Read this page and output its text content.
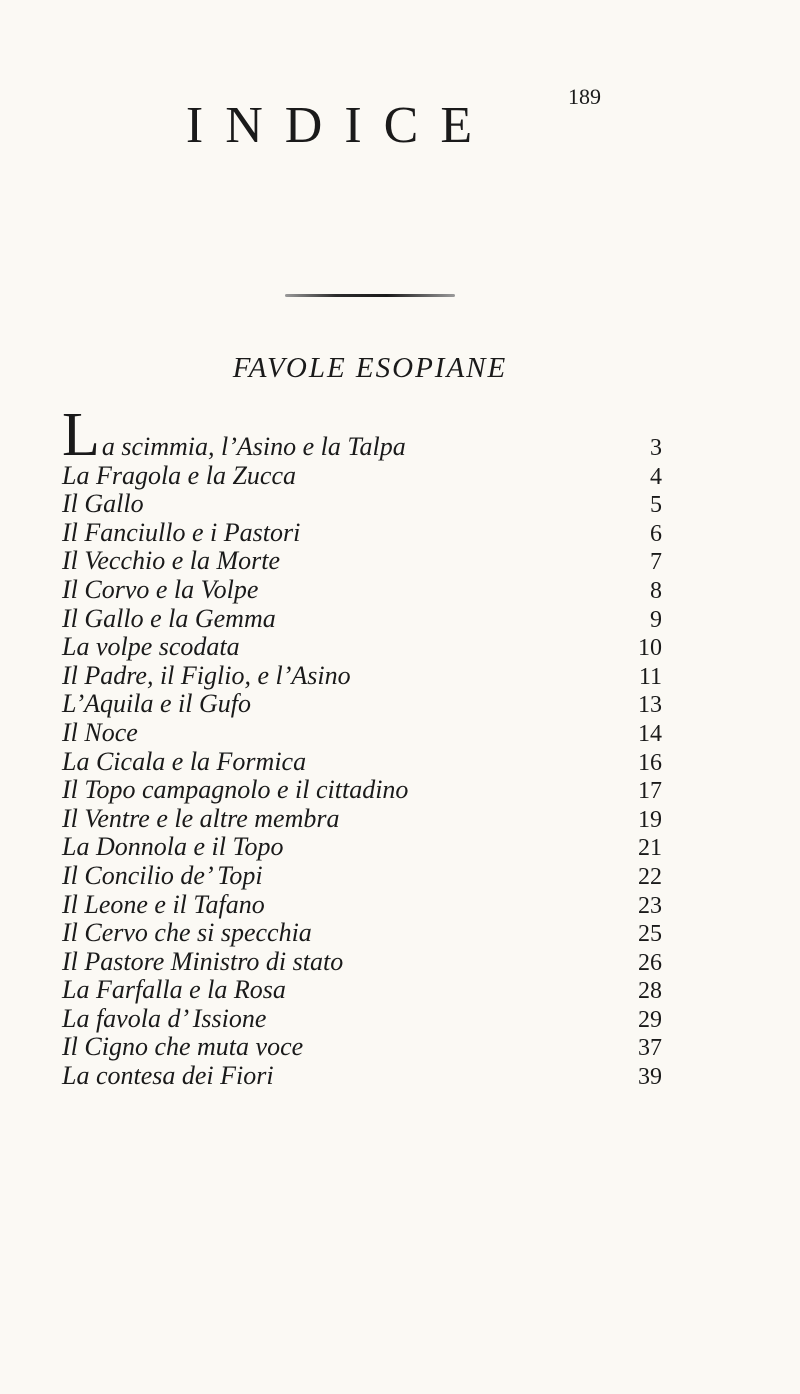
189
INDICE
FAVOLE ESOPIANE
La scimmia, l’Asino e la Talpa	3
La Fragola e la Zucca	4
Il Gallo	5
Il Fanciullo e i Pastori	6
Il Vecchio e la Morte	7
Il Corvo e la Volpe	8
Il Gallo e la Gemma	9
La volpe scodata	10
Il Padre, il Figlio, e l’Asino	11
L’Aquila e il Gufo	13
Il Noce	14
La Cicala e la Formica	16
Il Topo campagnolo e il cittadino	17
Il Ventre e le altre membra	19
La Donnola e il Topo	21
Il Concilio de’ Topi	22
Il Leone e il Tafano	23
Il Cervo che si specchia	25
Il Pastore Ministro di stato	26
La Farfalla e la Rosa	28
La favola d’ Issione	29
Il Cigno che muta voce	37
La contesa dei Fiori	39
